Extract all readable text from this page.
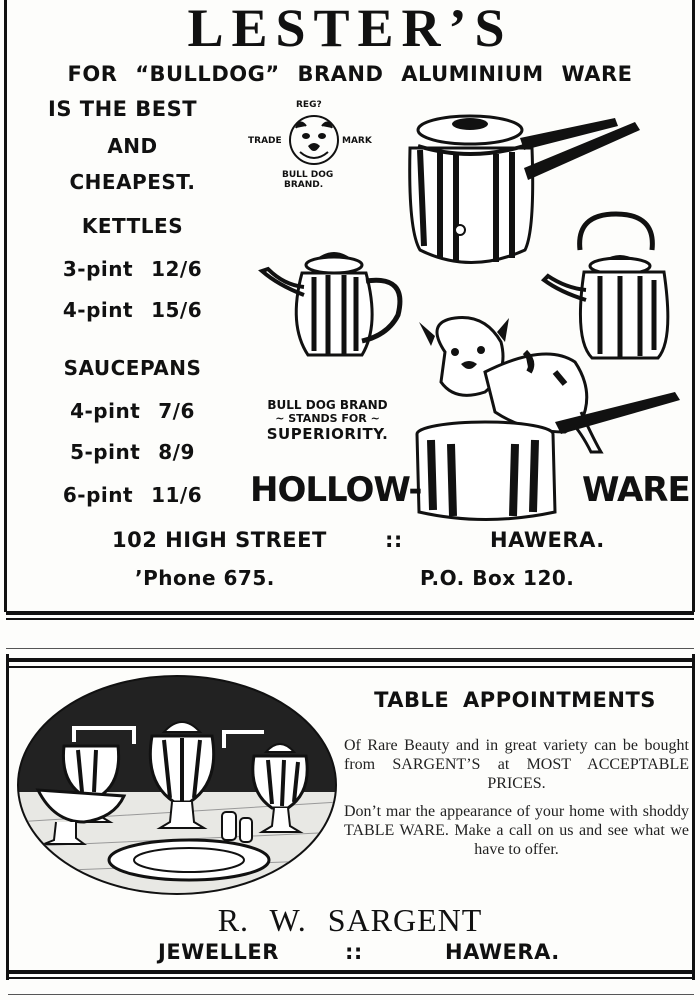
LESTER’S
FOR “BULLDOG” BRAND ALUMINIUM WARE
IS THE BEST
AND
CHEAPEST.
KETTLES
3-pint 12/6
4-pint 15/6
SAUCEPANS
4-pint 7/6
5-pint 8/9
6-pint 11/6
REG?
TRADE	MARK
BULL DOG
BRAND.
BULL DOG BRAND
~ STANDS FOR ~
SUPERIORITY.
HOLLOW-	WARE
102 HIGH STREET	::	HAWERA.
’Phone 675.	P.O. Box 120.
TABLE APPOINTMENTS
Of Rare Beauty and in great variety can be bought from SARGENT’S at MOST ACCEPTABLE PRICES.
Don’t mar the appearance of your home with shoddy TABLE WARE. Make a call on us and see what we have to offer.
R. W. SARGENT
JEWELLER	::	HAWERA.
